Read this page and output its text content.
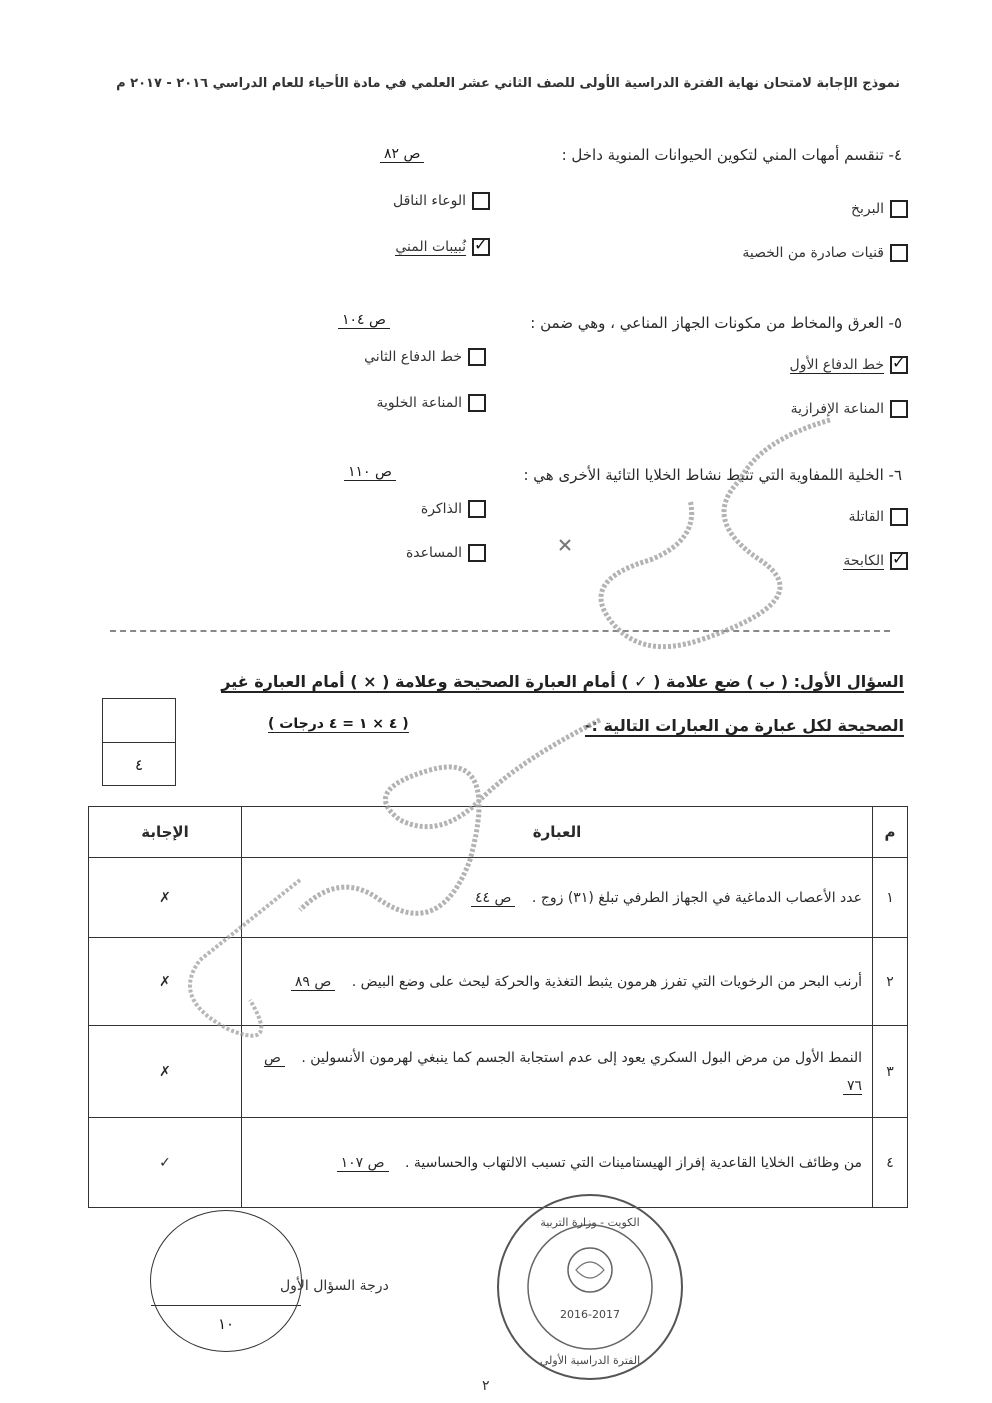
نموذج الإجابة لامتحان نهاية الفترة الدراسية الأولى للصف الثاني عشر العلمي في مادة الأحياء للعام الدراسي ٢٠١٦ - ٢٠١٧ م
٤- تنقسم أمهات المني لتكوين الحيوانات المنوية داخل :
ص ٨٢
البربخ
الوعاء الناقل
قنيات صادرة من الخصية
✓
نُبيبات المني
٥- العرق والمخاط من مكونات الجهاز المناعي ، وهي ضمن :
ص ١٠٤
✓
خط الدفاع الأول
خط الدفاع الثاني
المناعة الإفرازية
المناعة الخلوية
٦- الخلية اللمفاوية التي تثبط نشاط الخلايا التائية الأخرى هي :
ص ١١٠
القاتلة
الذاكرة
✓
الكابحة
المساعدة
السؤال الأول: ( ب ) ضع علامة ( ✓ ) أمام العبارة الصحيحة وعلامة ( × ) أمام العبارة غير
الصحيحة لكل عبارة من العبارات التالية :-
( ٤ × ١ = ٤ درجات )
٤
م	العبارة	الإجابة
١	عدد الأعصاب الدماغية في الجهاز الطرفي تبلغ (٣١) زوج . ص ٤٤	✗
٢	أرنب البحر من الرخويات التي تفرز هرمون يثبط التغذية والحركة ليحث على وضع البيض . ص ٨٩	✗
٣	النمط الأول من مرض البول السكري يعود إلى عدم استجابة الجسم كما ينبغي لهرمون الأنسولين . ص ٧٦	✗
٤	من وظائف الخلايا القاعدية إفراز الهيستامينات التي تسبب الالتهاب والحساسية . ص ١٠٧	✓
١٠
درجة السؤال الأول
الكويت - وزارة التربية
2016-2017
الفترة الدراسية الأولى
٢
